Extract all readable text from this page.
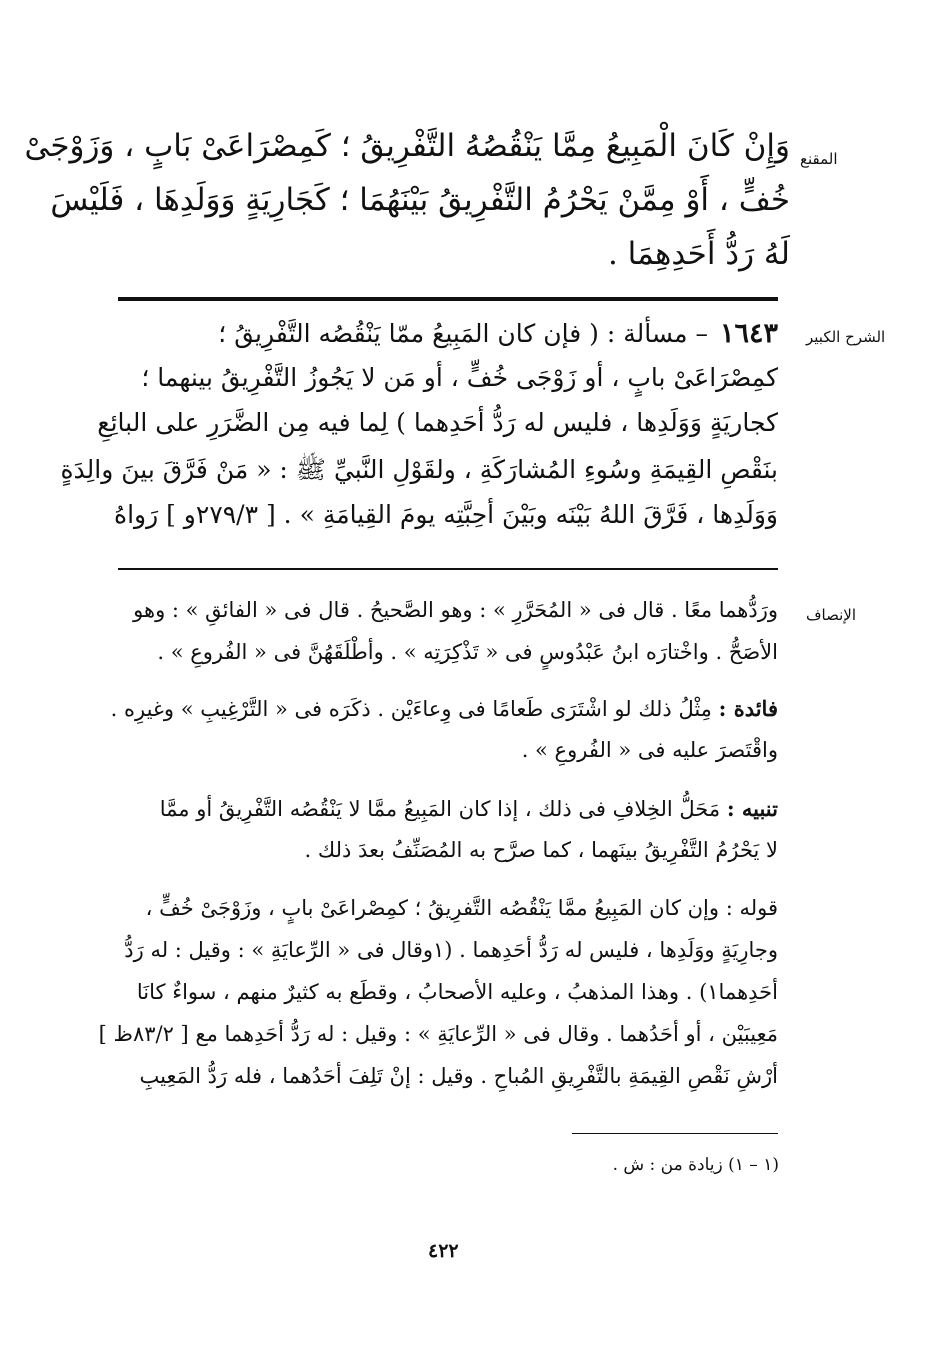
المقنع
وَإِنْ كَانَ الْمَبِيعُ مِمَّا يَنْقُصُهُ التَّفْرِيقُ ؛ كَمِصْرَاعَىْ بَابٍ ، وَزَوْجَىْ
خُفٍّ ، أَوْ مِمَّنْ يَحْرُمُ التَّفْرِيقُ بَيْنَهُمَا ؛ كَجَارِيَةٍ وَوَلَدِهَا ، فَلَيْسَ
لَهُ رَدُّ أَحَدِهِمَا .
الشرح الكبير
١٦٤٣– مسألة : ( فإن كان المَبِيعُ ممّا يَنْقُصُه التَّفْرِيقُ ؛
كمِصْرَاعَىْ بابٍ ، أو زَوْجَى خُفٍّ ، أو مَن لا يَجُوزُ التَّفْرِيقُ بينهما ؛
كجاريَةٍ وَوَلَدِها ، فليس له رَدُّ أحَدِهما ) لِما فيه مِن الضَّرَرِ على البائِعِ
بنَقْصِ القِيمَةِ وسُوءِ المُشارَكَةِ ، ولقَوْلِ النَّبيِّ ﷺ : « مَنْ فَرَّقَ بينَ والِدَةٍ
وَوَلَدِها ، فَرَّقَ اللهُ بَيْنَه وبَيْنَ أحِبَّتِه يومَ القِيامَةِ » . [ ٢٧٩/٣و ] رَواهُ
الإنصاف
ورَدُّهما معًا . قال فى « المُحَرَّرِ » : وهو الصَّحيحُ . قال فى « الفائقِ » : وهو
الأصَحُّ . واخْتارَه ابنُ عَبْدُوسٍ فى « تَذْكِرَتِه » . وأطْلَقَهُنَّ فى « الفُروعِ » .
فائدة : مِثْلُ ذلك لو اشْتَرَى طَعامًا فى وِعاءَيْن . ذكَرَه فى « التَّرْغِيبِ » وغيرِه .
واقْتَصرَ عليه فى « الفُروعِ » .
تنبيه : مَحَلُّ الخِلافِ فى ذلك ، إذا كان المَبِيعُ ممَّا لا يَنْقُصُه التَّفْرِيقُ أو ممَّا
لا يَحْرُمُ التَّفْرِيقُ بينَهما ، كما صرَّح به المُصَنِّفُ بعدَ ذلك .
قوله : وإن كان المَبِيعُ ممَّا يَنْقُصُه التَّفرِيقُ ؛ كمِصْراعَىْ بابٍ ، وزَوْجَىْ خُفٍّ ،
وجارِيَةٍ ووَلَدِها ، فليس له رَدُّ أحَدِهما . (١وقال فى « الرِّعايَةِ » : وقيل : له رَدُّ
أحَدِهما١) . وهذا المذهبُ ، وعليه الأصحابُ ، وقطَع به كثيرٌ منهم ، سواءٌ كانَا
مَعِيبَيْن ، أو أحَدُهما . وقال فى « الرِّعايَةِ » : وقيل : له رَدُّ أحَدِهما مع [ ٨٣/٢ظ ]
أرْشِ نَقْصِ القِيمَةِ بالتَّفْرِيقِ المُباحِ . وقيل : إنْ تَلِفَ أحَدُهما ، فله رَدُّ المَعِيبِ
(١ – ١) زيادة من : ش .
٤٢٢
